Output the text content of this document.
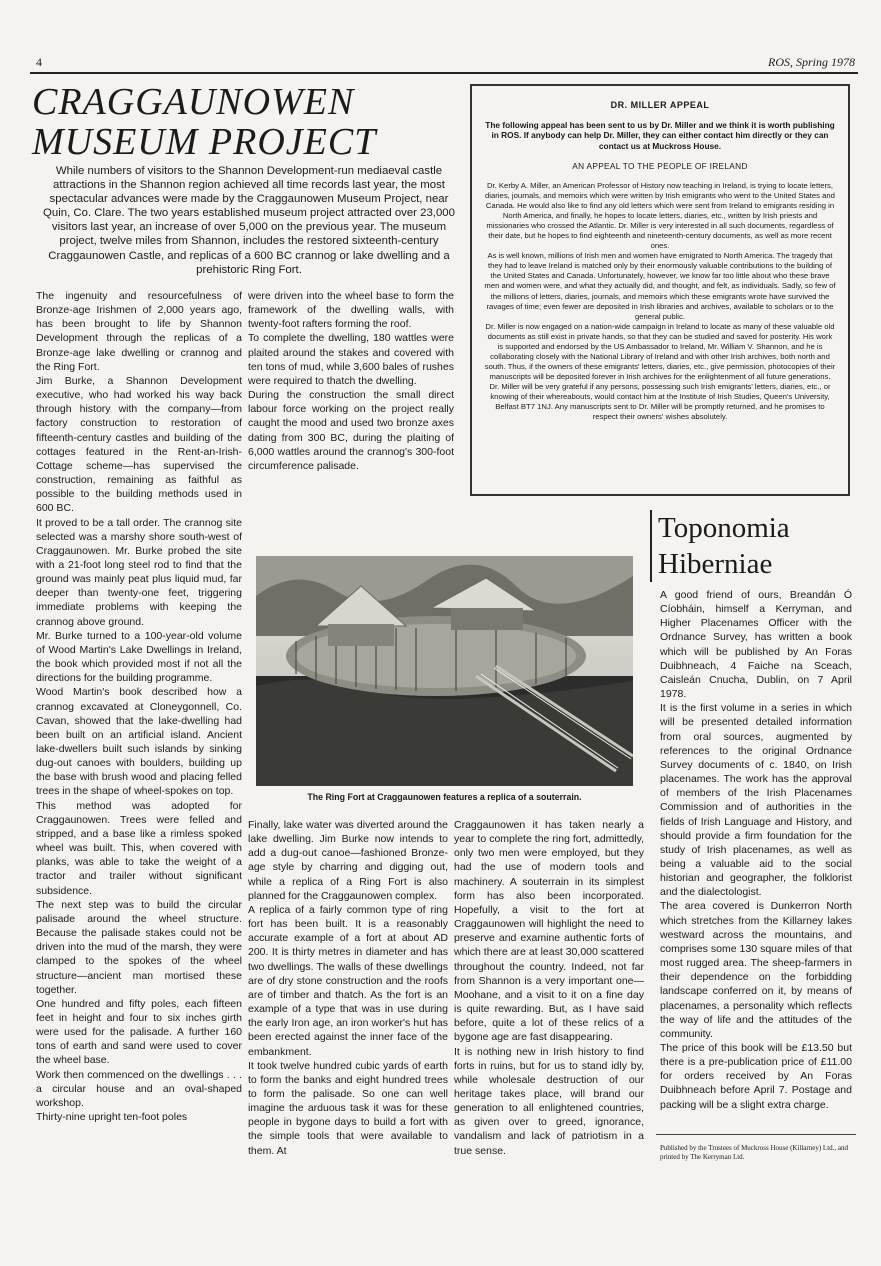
4	ROS, Spring 1978
CRAGGAUNOWEN MUSEUM PROJECT
While numbers of visitors to the Shannon Development-run mediaeval castle attractions in the Shannon region achieved all time records last year, the most spectacular advances were made by the Craggaunowen Museum Project, near Quin, Co. Clare. The two years established museum project attracted over 23,000 visitors last year, an increase of over 5,000 on the previous year. The museum project, twelve miles from Shannon, includes the restored sixteenth-century Craggaunowen Castle, and replicas of a 600 BC crannog or lake dwelling and a prehistoric Ring Fort.

The ingenuity and resourcefulness of Bronze-age Irishmen of 2,000 years ago, has been brought to life by Shannon Development through the replicas of a Bronze-age lake dwelling or crannog and the Ring Fort.

Jim Burke, a Shannon Development executive, who had worked his way back through history with the company—from factory construction to restoration of fifteenth-century castles and building of the cottages featured in the Rent-an-Irish-Cottage scheme—has supervised the construction, remaining as faithful as possible to the building methods used in 600 BC.

It proved to be a tall order. The crannog site selected was a marshy shore south-west of Craggaunowen. Mr. Burke probed the site with a 21-foot long steel rod to find that the ground was mainly peat plus liquid mud, far deeper than twenty-one feet, triggering immediate problems with keeping the crannog above ground.

Mr. Burke turned to a 100-year-old volume of Wood Martin's Lake Dwellings in Ireland, the book which provided most if not all the directions for the building programme.

Wood Martin's book described how a crannog excavated at Cloneygonnell, Co. Cavan, showed that the lake-dwelling had been built on an artificial island. Ancient lake-dwellers built such islands by sinking dug-out canoes with boulders, building up the base with brush wood and placing felled trees in the shape of wheel-spokes on top.

This method was adopted for Craggaunowen. Trees were felled and stripped, and a base like a rimless spoked wheel was built. This, when covered with planks, was able to take the weight of a tractor and trailer without significant subsidence.

The next step was to build the circular palisade around the wheel structure. Because the palisade stakes could not be driven into the mud of the marsh, they were clamped to the spokes of the wheel structure—ancient man mortised these together.

One hundred and fifty poles, each fifteen feet in height and four to six inches girth were used for the palisade. A further 160 tons of earth and sand were used to cover the wheel base.

Work then commenced on the dwellings . . . a circular house and an oval-shaped workshop.

Thirty-nine upright ten-foot poles

were driven into the wheel base to form the framework of the dwelling walls, with twenty-foot rafters forming the roof.

To complete the dwelling, 180 wattles were plaited around the stakes and covered with ten tons of mud, while 3,600 bales of rushes were required to thatch the dwelling.

During the construction the small direct labour force working on the project really caught the mood and used two bronze axes dating from 300 BC, during the plaiting of 6,000 wattles around the crannog's 300-foot circumference palisade.

DR. MILLER APPEAL
The following appeal has been sent to us by Dr. Miller and we think it is worth publishing in ROS. If anybody can help Dr. Miller, they can either contact him directly or they can contact us at Muckross House.
AN APPEAL TO THE PEOPLE OF IRELAND

Dr. Kerby A. Miller, an American Professor of History now teaching in Ireland, is trying to locate letters, diaries, journals, and memoirs which were written by Irish emigrants who went to the United States and Canada. He would also like to find any old letters which were sent from Ireland to emigrants residing in North America, and finally, he hopes to locate letters, diaries, etc., written by Irish priests and missionaries who crossed the Atlantic. Dr. Miller is very interested in all such documents, regardless of their date, but he hopes to find eighteenth and nineteenth-century documents, as well as more recent ones.

As is well known, millions of Irish men and women have emigrated to North America. The tragedy that they had to leave Ireland is matched only by their enormously valuable contributions to the building of the United States and Canada. Unfortunately, however, we know far too little about who these brave men and women were, and what they actually did, and thought, and felt, as individuals. Sadly, so few of the millions of letters, diaries, journals, and memoirs which these emigrants wrote have survived the ravages of time; even fewer are deposited in Irish libraries and archives, available to scholars or to the general public.

Dr. Miller is now engaged on a nation-wide campaign in Ireland to locate as many of these valuable old documents as still exist in private hands, so that they can be studied and saved for posterity. His work is supported and endorsed by the US Ambassador to Ireland, Mr. William V. Shannon, and he is collaborating closely with the National Library of Ireland and with other Irish archives, both north and south. Thus, if the owners of these emigrants' letters, diaries, etc., give permission, photocopies of their manuscripts will be deposited forever in Irish archives for the enlightenment of all future generations.

Dr. Miller will be very grateful if any persons, possessing such Irish emigrants' letters, diaries, etc., or knowing of their whereabouts, would contact him at the Institute of Irish Studies, Queen's University, Belfast BT7 1NJ. Any manuscripts sent to Dr. Miller will be promptly returned, and he promises to respect their owners' wishes absolutely.

The Ring Fort at Craggaunowen features a replica of a souterrain.

Finally, lake water was diverted around the lake dwelling. Jim Burke now intends to add a dug-out canoe—fashioned Bronze-age style by charring and digging out, while a replica of a Ring Fort is also planned for the Craggaunowen complex.

A replica of a fairly common type of ring fort has been built. It is a reasonably accurate example of a fort at about AD 200. It is thirty metres in diameter and has two dwellings. The walls of these dwellings are of dry stone construction and the roofs are of timber and thatch. As the fort is an example of a type that was in use during the early Iron age, an iron worker's hut has been erected against the inner face of the embankment.

It took twelve hundred cubic yards of earth to form the banks and eight hundred trees to form the palisade. So one can well imagine the arduous task it was for these people in bygone days to build a fort with the simple tools that were available to them. At

Craggaunowen it has taken nearly a year to complete the ring fort, admittedly, only two men were employed, but they had the use of modern tools and machinery. A souterrain in its simplest form has also been incorporated. Hopefully, a visit to the fort at Craggaunowen will highlight the need to preserve and examine authentic forts of which there are at least 30,000 scattered throughout the country. Indeed, not far from Shannon is a very important one—Moohane, and a visit to it on a fine day is quite rewarding. But, as I have said before, quite a lot of these relics of a bygone age are fast disappearing.

It is nothing new in Irish history to find forts in ruins, but for us to stand idly by, while wholesale destruction of our heritage takes place, will brand our generation to all enlightened countries, as given over to greed, ignorance, vandalism and lack of patriotism in a true sense.

Toponomia
Hiberniae

A good friend of ours, Breandán Ó Cíobháin, himself a Kerryman, and Higher Placenames Officer with the Ordnance Survey, has written a book which will be published by An Foras Duibhneach, 4 Faiche na Sceach, Caisleán Cnucha, Dublin, on 7 April 1978.

It is the first volume in a series in which will be presented detailed information from oral sources, augmented by references to the original Ordnance Survey documents of c. 1840, on Irish placenames. The work has the approval of members of the Irish Placenames Commission and of authorities in the fields of Irish Language and History, and should provide a firm foundation for the study of Irish placenames, as well as being a valuable aid to the social historian and geographer, the folklorist and the dialectologist.

The area covered is Dunkerron North which stretches from the Killarney lakes westward across the mountains, and comprises some 130 square miles of that most rugged area. The sheep-farmers in their dependence on the forbidding landscape conferred on it, by means of placenames, a personality which reflects the way of life and the attitudes of the community.

The price of this book will be £13.50 but there is a pre-publication price of £11.00 for orders received by An Foras Duibhneach before April 7. Postage and packing will be a slight extra charge.

Published by the Trustees of Muckross House (Killarney) Ltd., and printed by The Kerryman Ltd.
